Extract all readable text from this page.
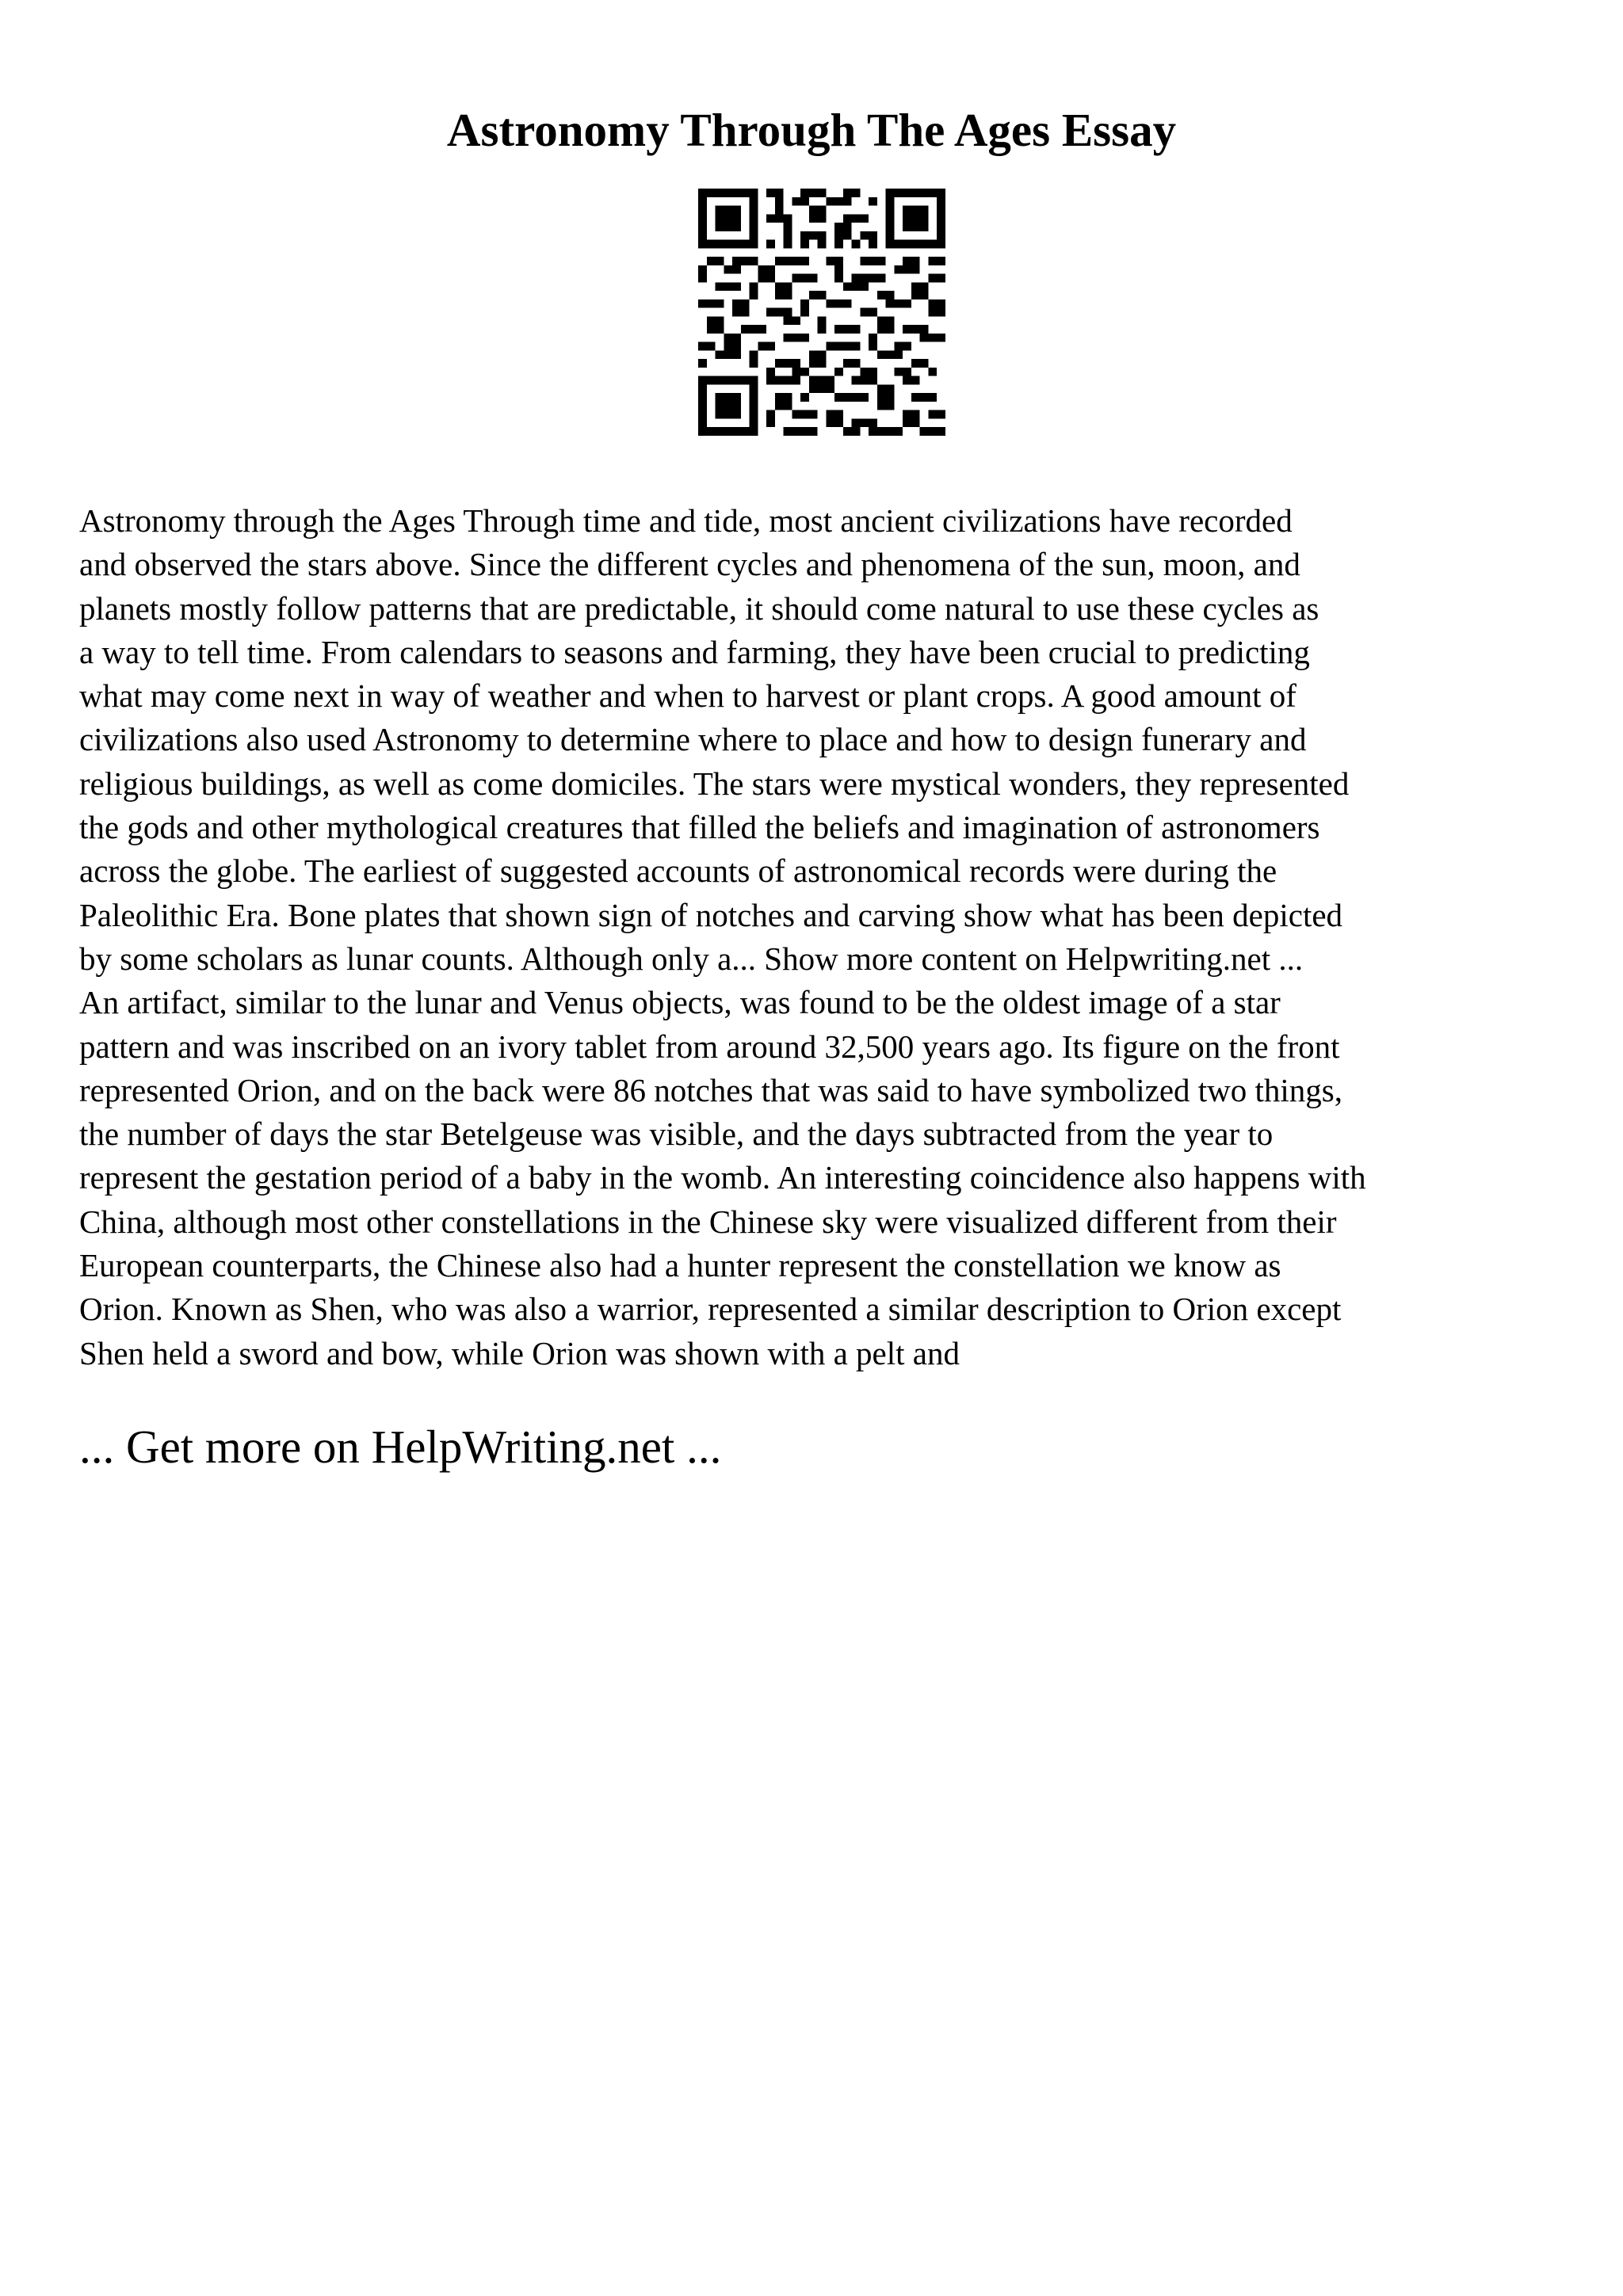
Astronomy Through The Ages Essay
Astronomy through the Ages Through time and tide, most ancient civilizations have recorded
and observed the stars above. Since the different cycles and phenomena of the sun, moon, and
planets mostly follow patterns that are predictable, it should come natural to use these cycles as
a way to tell time. From calendars to seasons and farming, they have been crucial to predicting
what may come next in way of weather and when to harvest or plant crops. A good amount of
civilizations also used Astronomy to determine where to place and how to design funerary and
religious buildings, as well as come domiciles. The stars were mystical wonders, they represented
the gods and other mythological creatures that filled the beliefs and imagination of astronomers
across the globe. The earliest of suggested accounts of astronomical records were during the
Paleolithic Era. Bone plates that shown sign of notches and carving show what has been depicted
by some scholars as lunar counts. Although only a... Show more content on Helpwriting.net ...
An artifact, similar to the lunar and Venus objects, was found to be the oldest image of a star
pattern and was inscribed on an ivory tablet from around 32,500 years ago. Its figure on the front
represented Orion, and on the back were 86 notches that was said to have symbolized two things,
the number of days the star Betelgeuse was visible, and the days subtracted from the year to
represent the gestation period of a baby in the womb. An interesting coincidence also happens with
China, although most other constellations in the Chinese sky were visualized different from their
European counterparts, the Chinese also had a hunter represent the constellation we know as
Orion. Known as Shen, who was also a warrior, represented a similar description to Orion except
Shen held a sword and bow, while Orion was shown with a pelt and

... Get more on HelpWriting.net ...
